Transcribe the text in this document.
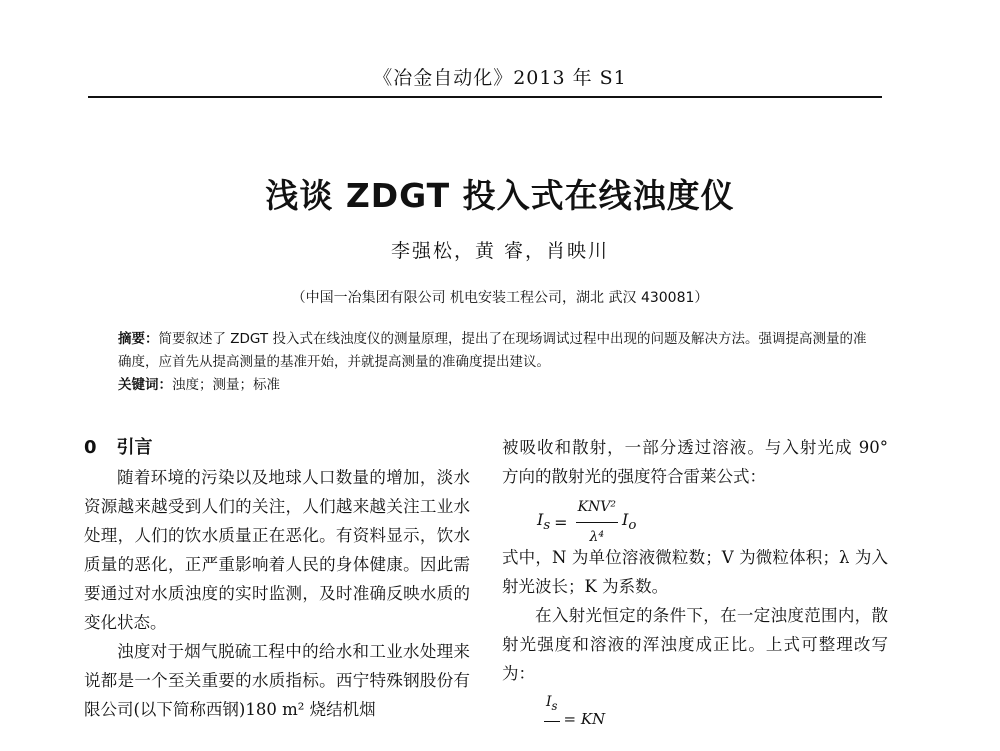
《冶金自动化》2013 年 S1
浅谈 ZDGT 投入式在线浊度仪
李强松，黄 睿，肖映川
（中国一冶集团有限公司 机电安装工程公司，湖北 武汉 430081）
摘要：简要叙述了 ZDGT 投入式在线浊度仪的测量原理，提出了在现场调试过程中出现的问题及解决方法。强调提高测量的准确度，应首先从提高测量的基准开始，并就提高测量的准确度提出建议。
关键词：浊度；测量；标准
0 引言

随着环境的污染以及地球人口数量的增加，淡水资源越来越受到人们的关注，人们越来越关注工业水处理，人们的饮水质量正在恶化。有资料显示，饮水质量的恶化，正严重影响着人民的身体健康。因此需要通过对水质浊度的实时监测，及时准确反映水质的变化状态。

浊度对于烟气脱硫工程中的给水和工业水处理来说都是一个至关重要的水质指标。西宁特殊钢股份有限公司(以下简称西钢)180 m² 烧结机烟

被吸收和散射，一部分透过溶液。与入射光成 90° 方向的散射光的强度符合雷莱公式：

$I_s = \frac{\text{KNV²}}{\text{λ⁴}} I_o$

式中，N 为单位溶液微粒数；V 为微粒体积；λ 为入射光波长；K 为系数。

在入射光恒定的条件下，在一定浊度范围内，散射光强度和溶液的浑浊度成正比。上式可整理改写为：

$I_s$

= KN
